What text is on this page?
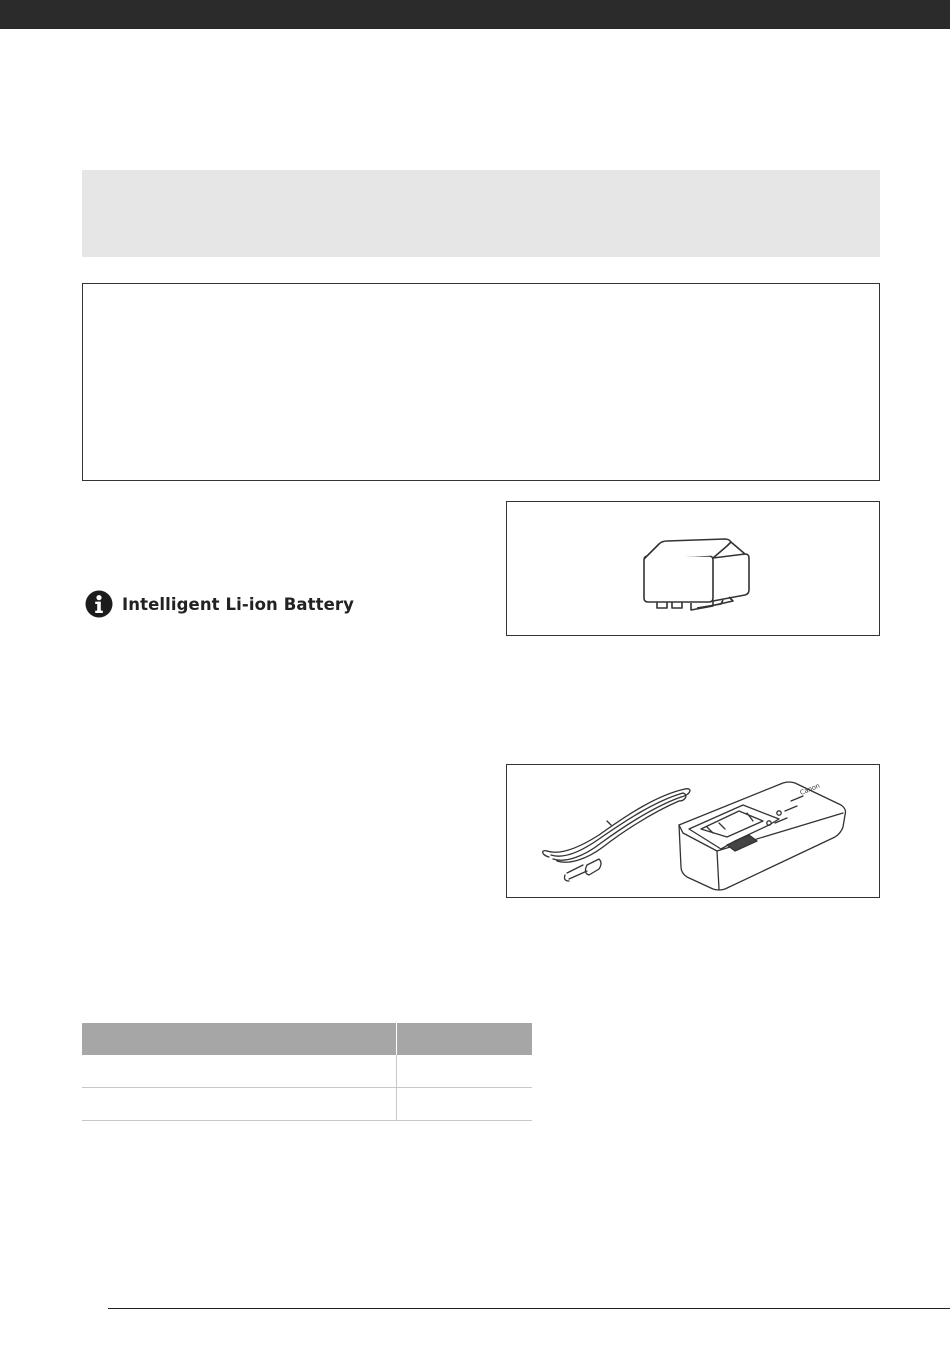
Intelligent Li-ion Battery
Canon
